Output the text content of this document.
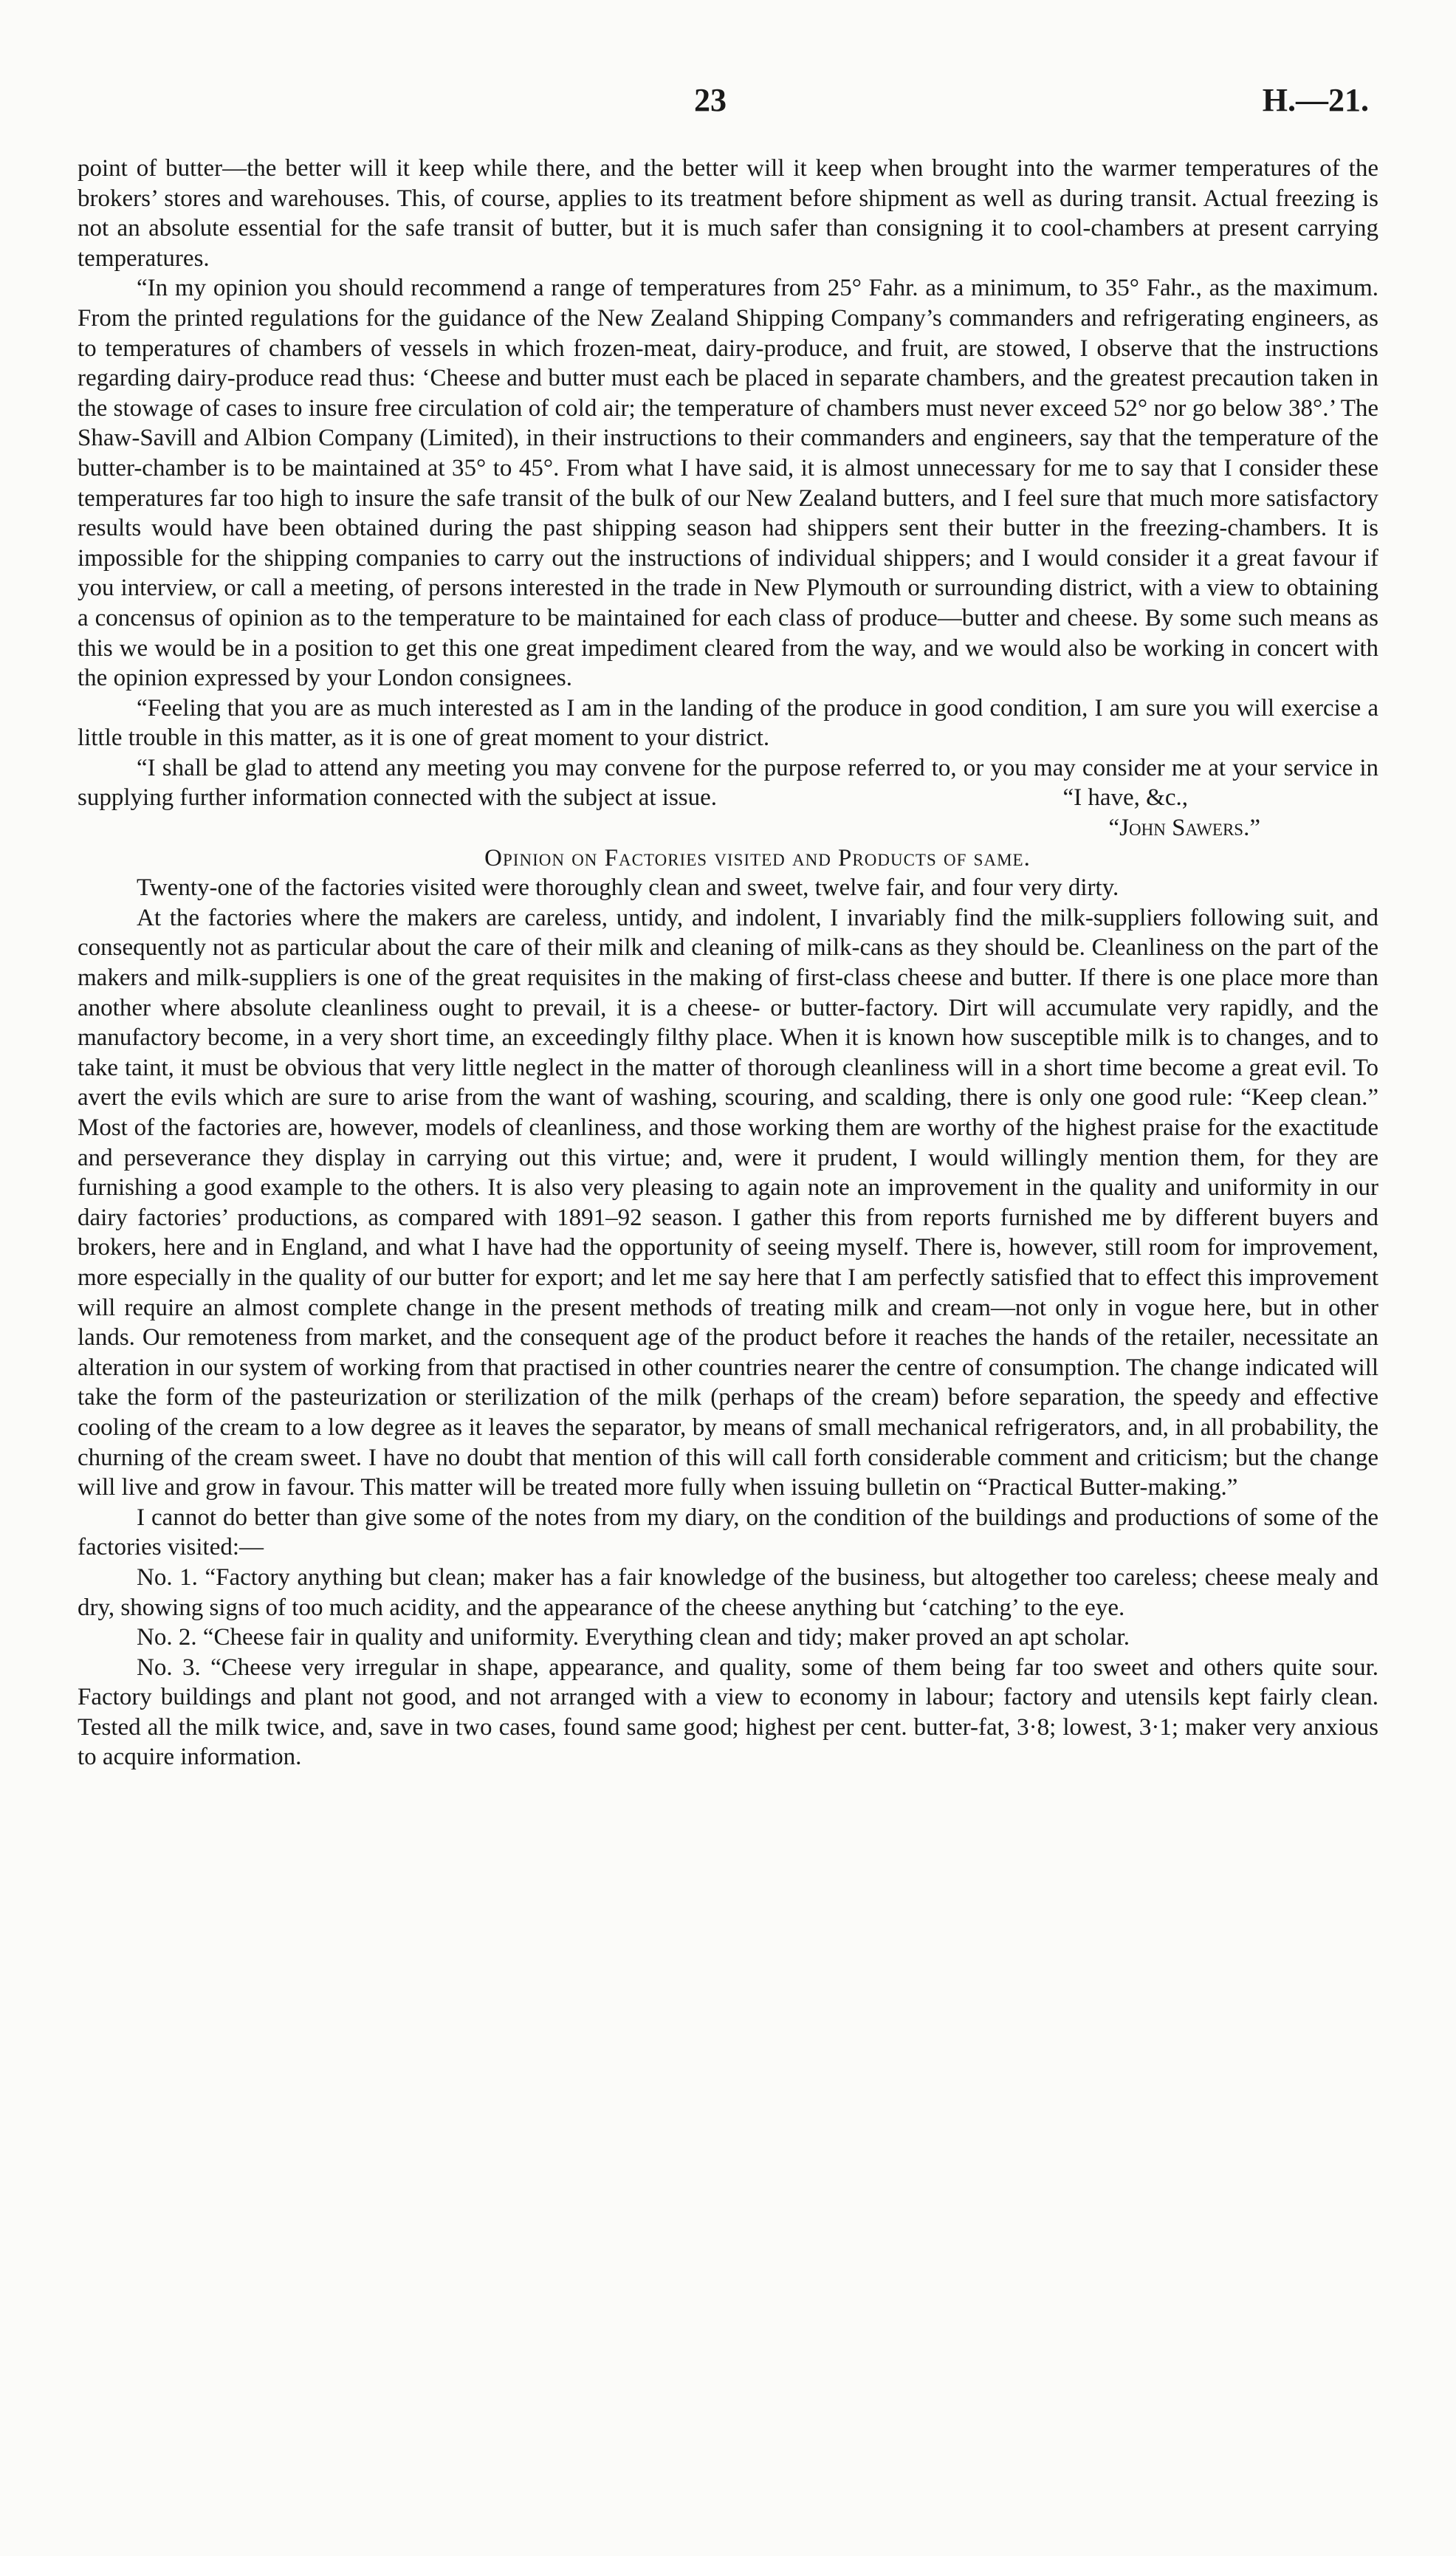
23	H.—21.

point of butter—the better will it keep while there, and the better will it keep when brought into the warmer temperatures of the brokers’ stores and warehouses. This, of course, applies to its treatment before shipment as well as during transit. Actual freezing is not an absolute essential for the safe transit of butter, but it is much safer than consigning it to cool-chambers at present carrying temperatures.

“In my opinion you should recommend a range of temperatures from 25° Fahr. as a minimum, to 35° Fahr., as the maximum. From the printed regulations for the guidance of the New Zealand Shipping Company’s commanders and refrigerating engineers, as to temperatures of chambers of vessels in which frozen-meat, dairy-produce, and fruit, are stowed, I observe that the instructions regarding dairy-produce read thus: ‘Cheese and butter must each be placed in separate chambers, and the greatest precaution taken in the stowage of cases to insure free circulation of cold air; the temperature of chambers must never exceed 52° nor go below 38°.’ The Shaw-Savill and Albion Company (Limited), in their instructions to their commanders and engineers, say that the temperature of the butter-chamber is to be maintained at 35° to 45°. From what I have said, it is almost unnecessary for me to say that I consider these temperatures far too high to insure the safe transit of the bulk of our New Zealand butters, and I feel sure that much more satisfactory results would have been obtained during the past shipping season had shippers sent their butter in the freezing-chambers. It is impossible for the shipping companies to carry out the instructions of individual shippers; and I would consider it a great favour if you interview, or call a meeting, of persons interested in the trade in New Plymouth or surrounding district, with a view to obtaining a concensus of opinion as to the temperature to be maintained for each class of produce—butter and cheese. By some such means as this we would be in a position to get this one great impediment cleared from the way, and we would also be working in concert with the opinion expressed by your London consignees.

“Feeling that you are as much interested as I am in the landing of the produce in good condition, I am sure you will exercise a little trouble in this matter, as it is one of great moment to your district.

“I shall be glad to attend any meeting you may convene for the purpose referred to, or you may consider me at your service in supplying further information connected with the subject at issue.	“I have, &c.,
“John Sawers.”

Opinion on Factories visited and Products of same.

Twenty-one of the factories visited were thoroughly clean and sweet, twelve fair, and four very dirty.

At the factories where the makers are careless, untidy, and indolent, I invariably find the milk-suppliers following suit, and consequently not as particular about the care of their milk and cleaning of milk-cans as they should be. Cleanliness on the part of the makers and milk-suppliers is one of the great requisites in the making of first-class cheese and butter. If there is one place more than another where absolute cleanliness ought to prevail, it is a cheese- or butter-factory. Dirt will accumulate very rapidly, and the manufactory become, in a very short time, an exceedingly filthy place. When it is known how susceptible milk is to changes, and to take taint, it must be obvious that very little neglect in the matter of thorough cleanliness will in a short time become a great evil. To avert the evils which are sure to arise from the want of washing, scouring, and scalding, there is only one good rule: “Keep clean.” Most of the factories are, however, models of cleanliness, and those working them are worthy of the highest praise for the exactitude and perseverance they display in carrying out this virtue; and, were it prudent, I would willingly mention them, for they are furnishing a good example to the others. It is also very pleasing to again note an improvement in the quality and uniformity in our dairy factories’ productions, as compared with 1891–92 season. I gather this from reports furnished me by different buyers and brokers, here and in England, and what I have had the opportunity of seeing myself. There is, however, still room for improvement, more especially in the quality of our butter for export; and let me say here that I am perfectly satisfied that to effect this improvement will require an almost complete change in the present methods of treating milk and cream—not only in vogue here, but in other lands. Our remoteness from market, and the consequent age of the product before it reaches the hands of the retailer, necessitate an alteration in our system of working from that practised in other countries nearer the centre of consumption. The change indicated will take the form of the pasteurization or sterilization of the milk (perhaps of the cream) before separation, the speedy and effective cooling of the cream to a low degree as it leaves the separator, by means of small mechanical refrigerators, and, in all probability, the churning of the cream sweet. I have no doubt that mention of this will call forth considerable comment and criticism; but the change will live and grow in favour. This matter will be treated more fully when issuing bulletin on “Practical Butter-making.”

I cannot do better than give some of the notes from my diary, on the condition of the buildings and productions of some of the factories visited:—

No. 1. “Factory anything but clean; maker has a fair knowledge of the business, but altogether too careless; cheese mealy and dry, showing signs of too much acidity, and the appearance of the cheese anything but ‘catching’ to the eye.

No. 2. “Cheese fair in quality and uniformity. Everything clean and tidy; maker proved an apt scholar.

No. 3. “Cheese very irregular in shape, appearance, and quality, some of them being far too sweet and others quite sour. Factory buildings and plant not good, and not arranged with a view to economy in labour; factory and utensils kept fairly clean. Tested all the milk twice, and, save in two cases, found same good; highest per cent. butter-fat, 3·8; lowest, 3·1; maker very anxious to acquire information.
